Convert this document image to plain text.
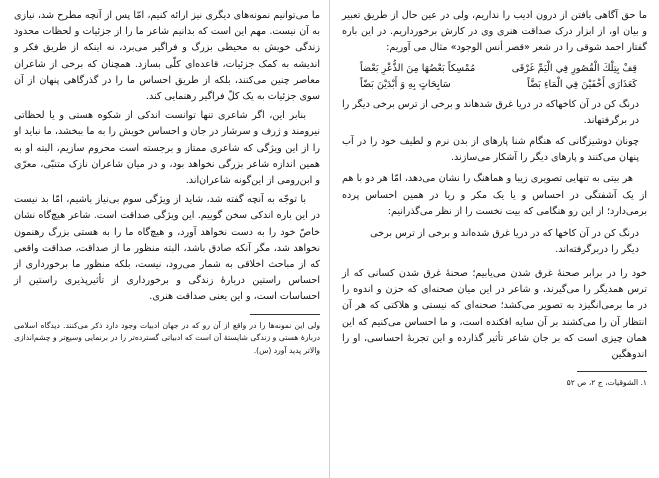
ما می‌توانیم نمونه‌های دیگری نیز ارائه کنیم، امّا پس از آنچه مطرح شد، نیازی به آن نیست. مهم این است که بدانیم شاعر ما را از جزئیات و لحظات محدود زندگی خویش به محیطی بزرگ و فراگیر می‌برد، نه اینکه از طریق فکر و اندیشه به کمک جزئیات، قاعده‌ای کلّی بسازد. همچنان که برخی از شاعران معاصر چنین می‌کنند، بلکه از طریق احساس ما را در گذرگاهی پنهان از آن سوی جزئیات به یک کلّ فراگیر رهنمایی کند.

بنابر این، اگر شاعری تنها توانست اندکی از شکوه هستی و یا لحظاتی نیرومند و ژرف و سرشار در جان و احساس خویش را به ما ببخشد، ما نباید او را از این ویژگی که شاعری ممتاز و برجسته است محروم سازیم، البته او به همین اندازه شاعر بزرگی نخواهد بود، و در میان شاعران نازک متنبّی، معرّی و ابن‌رومی از این‌گونه شاعران‌اند.

با توجّه به آنچه گفته شد، شاید از ویژگی سوم بی‌نیاز باشیم، امّا بد نیست در این باره اندکی سخن گوییم. این ویژگی صداقت است. شاعر هیچ‌گاه نشان خاصّ خود را به دست نخواهد آورد، و هیچ‌گاه ما را به هستی بزرگ رهنمون نخواهد شد، مگر آنکه صادق باشد، البته منظور ما از صداقت، صداقت واقعی که از مباحث اخلاقی به شمار می‌رود، نیست، بلکه منظور ما برخورداری از احساس راستین دربارهٔ زندگی و برخورداری از تأثیرپذیری راستین از احساسات است، و این یعنی صداقت هنری.

ولی این نمونه‌ها را در واقع از آن رو که در جهان ادبیات وجود دارد ذکر می‌کنند. دیدگاه اسلامی دربارهٔ هستی و زندگی شایستهٔ آن است که ادبیاتی گسترده‌تر را در برنمایی وسیع‌تر و چشم‌اندازی والاتر پدید آورد (س).

ما حق آگاهی یافتن از درون ادیب را نداریم، ولی در عین حال از طریق تعبیر و بیان او، از ابزار درک صداقت هنری وی در کارش برخورداریم. در این باره گفتار احمد شوقی را در شعر «قصر أنس الوجود» مثال می آوریم:

قِفْ بِتِلْكَ الْقُصُورِ فِي الْيَمِّ غَرْقَى
مُمْسِكاً بَعْضُهَا مِنَ الذُّعْرِ بَعْضاً
كَعَذَارَى أَخْفَيْنَ فِي الْمَاءِ بَضَّاً
سَابِحَاتٍ بِهِ وَ أَبْدَيْنَ بَضّاً

درنگ کن در آن کاخهاکه در دریا غرق شدهاند و برخی از ترس برخی دیگر را در برگرفتهاند.

چونان دوشیزگانی که هنگام شنا پارهای از بدن نرم و لطیف خود را در آب پنهان می‌کنند و پارهای دیگر را آشکار می‌سازند.

هر بیتی به تنهایی تصویری زیبا و هماهنگ را نشان می‌دهد، امّا هر دو با هم از یک آشفتگی در احساس و یا یک مکر و ریا در همین احساس پرده برمی‌دارد؛ از این رو هنگامی که بیت نخست را از نظر می‌گذرانیم:

درنگ کن در آن کاخها که در دریا غرق شده‌اند و برخی از ترس برخی دیگر را دربرگرفته‌اند.

خود را در برابر صحنهٔ غرق شدن می‌یابیم؛ صحنهٔ غرق شدن کسانی که از ترس همدیگر را می‌گیرند، و شاعر در این میان صحنه‌ای که حزن و اندوه را در ما برمی‌انگیزد به تصویر می‌کشد؛ صحنه‌ای که نیستی و هلاکتی که هر آن انتظار آن را می‌کشند بر آن سایه افکنده است، و ما احساس می‌کنیم که این همان چیزی است که بر جان شاعر تأثیر گذارده و این تجربهٔ احساسی، او را اندوهگین

۱. الشوقیات، ج ۲، ص ۵۲
